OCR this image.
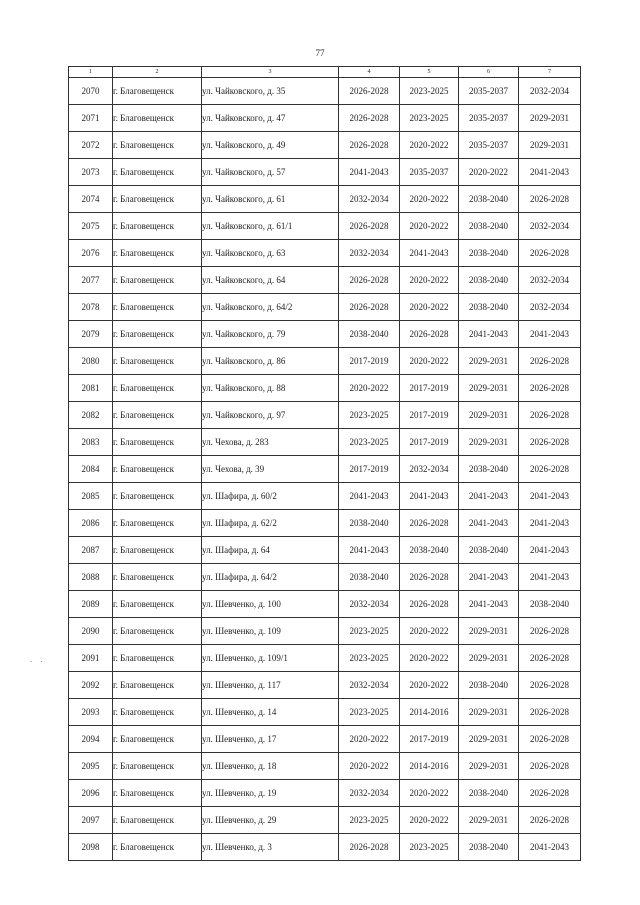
77
1	2	3	4	5	6	7
2070	г. Благовещенск	ул. Чайковского, д. 35	2026-2028	2023-2025	2035-2037	2032-2034
2071	г. Благовещенск	ул. Чайковского, д. 47	2026-2028	2023-2025	2035-2037	2029-2031
2072	г. Благовещенск	ул. Чайковского, д. 49	2026-2028	2020-2022	2035-2037	2029-2031
2073	г. Благовещенск	ул. Чайковского, д. 57	2041-2043	2035-2037	2020-2022	2041-2043
2074	г. Благовещенск	ул. Чайковского, д. 61	2032-2034	2020-2022	2038-2040	2026-2028
2075	г. Благовещенск	ул. Чайковского, д. 61/1	2026-2028	2020-2022	2038-2040	2032-2034
2076	г. Благовещенск	ул. Чайковского, д. 63	2032-2034	2041-2043	2038-2040	2026-2028
2077	г. Благовещенск	ул. Чайковского, д. 64	2026-2028	2020-2022	2038-2040	2032-2034
2078	г. Благовещенск	ул. Чайковского, д. 64/2	2026-2028	2020-2022	2038-2040	2032-2034
2079	г. Благовещенск	ул. Чайковского, д. 79	2038-2040	2026-2028	2041-2043	2041-2043
2080	г. Благовещенск	ул. Чайковского, д. 86	2017-2019	2020-2022	2029-2031	2026-2028
2081	г. Благовещенск	ул. Чайковского, д. 88	2020-2022	2017-2019	2029-2031	2026-2028
2082	г. Благовещенск	ул. Чайковского, д. 97	2023-2025	2017-2019	2029-2031	2026-2028
2083	г. Благовещенск	ул. Чехова, д. 283	2023-2025	2017-2019	2029-2031	2026-2028
2084	г. Благовещенск	ул. Чехова, д. 39	2017-2019	2032-2034	2038-2040	2026-2028
2085	г. Благовещенск	ул. Шафира, д. 60/2	2041-2043	2041-2043	2041-2043	2041-2043
2086	г. Благовещенск	ул. Шафира, д. 62/2	2038-2040	2026-2028	2041-2043	2041-2043
2087	г. Благовещенск	ул. Шафира, д. 64	2041-2043	2038-2040	2038-2040	2041-2043
2088	г. Благовещенск	ул. Шафира, д. 64/2	2038-2040	2026-2028	2041-2043	2041-2043
2089	г. Благовещенск	ул. Шевченко, д. 100	2032-2034	2026-2028	2041-2043	2038-2040
2090	г. Благовещенск	ул. Шевченко, д. 109	2023-2025	2020-2022	2029-2031	2026-2028
2091	г. Благовещенск	ул. Шевченко, д. 109/1	2023-2025	2020-2022	2029-2031	2026-2028
2092	г. Благовещенск	ул. Шевченко, д. 117	2032-2034	2020-2022	2038-2040	2026-2028
2093	г. Благовещенск	ул. Шевченко, д. 14	2023-2025	2014-2016	2029-2031	2026-2028
2094	г. Благовещенск	ул. Шевченко, д. 17	2020-2022	2017-2019	2029-2031	2026-2028
2095	г. Благовещенск	ул. Шевченко, д. 18	2020-2022	2014-2016	2029-2031	2026-2028
2096	г. Благовещенск	ул. Шевченко, д. 19	2032-2034	2020-2022	2038-2040	2026-2028
2097	г. Благовещенск	ул. Шевченко, д. 29	2023-2025	2020-2022	2029-2031	2026-2028
2098	г. Благовещенск	ул. Шевченко, д. 3	2026-2028	2023-2025	2038-2040	2041-2043
. .
